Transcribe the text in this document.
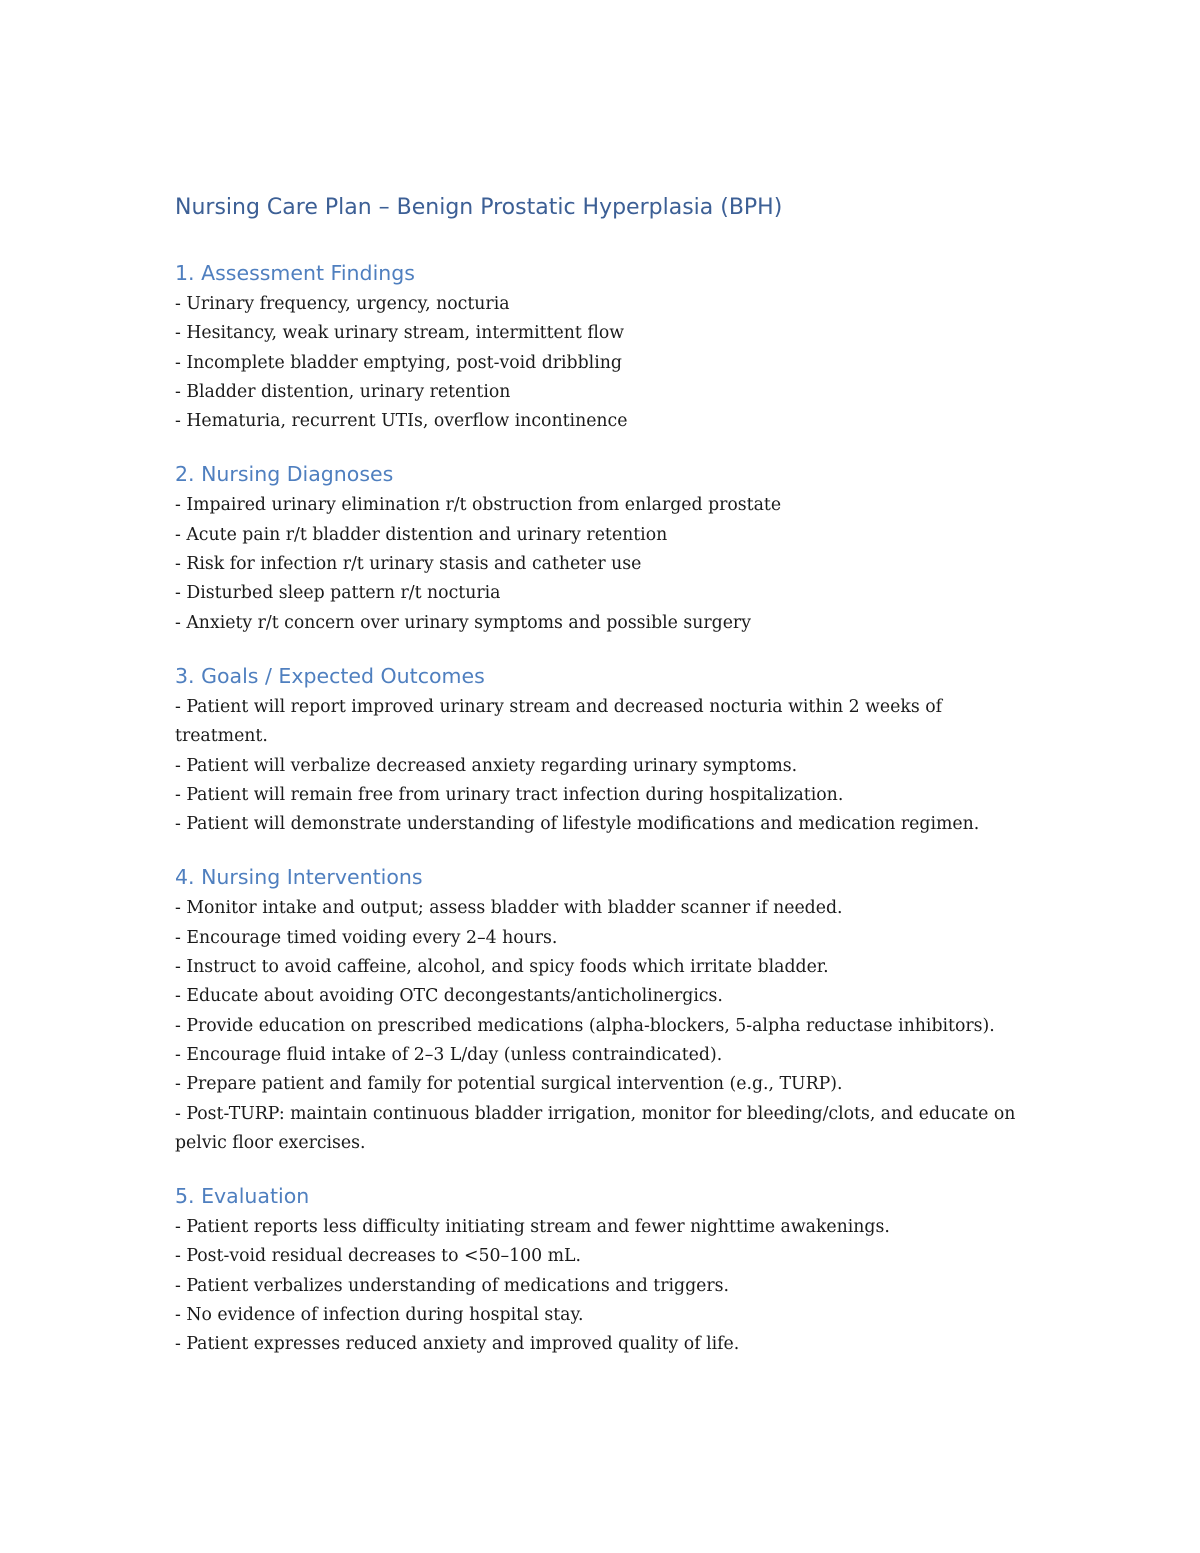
Nursing Care Plan – Benign Prostatic Hyperplasia (BPH)
1. Assessment Findings
- Urinary frequency, urgency, nocturia
- Hesitancy, weak urinary stream, intermittent flow
- Incomplete bladder emptying, post-void dribbling
- Bladder distention, urinary retention
- Hematuria, recurrent UTIs, overflow incontinence
2. Nursing Diagnoses
- Impaired urinary elimination r/t obstruction from enlarged prostate
- Acute pain r/t bladder distention and urinary retention
- Risk for infection r/t urinary stasis and catheter use
- Disturbed sleep pattern r/t nocturia
- Anxiety r/t concern over urinary symptoms and possible surgery
3. Goals / Expected Outcomes
- Patient will report improved urinary stream and decreased nocturia within 2 weeks of treatment.
- Patient will verbalize decreased anxiety regarding urinary symptoms.
- Patient will remain free from urinary tract infection during hospitalization.
- Patient will demonstrate understanding of lifestyle modifications and medication regimen.
4. Nursing Interventions
- Monitor intake and output; assess bladder with bladder scanner if needed.
- Encourage timed voiding every 2–4 hours.
- Instruct to avoid caffeine, alcohol, and spicy foods which irritate bladder.
- Educate about avoiding OTC decongestants/anticholinergics.
- Provide education on prescribed medications (alpha-blockers, 5-alpha reductase inhibitors).
- Encourage fluid intake of 2–3 L/day (unless contraindicated).
- Prepare patient and family for potential surgical intervention (e.g., TURP).
- Post-TURP: maintain continuous bladder irrigation, monitor for bleeding/clots, and educate on pelvic floor exercises.
5. Evaluation
- Patient reports less difficulty initiating stream and fewer nighttime awakenings.
- Post-void residual decreases to <50–100 mL.
- Patient verbalizes understanding of medications and triggers.
- No evidence of infection during hospital stay.
- Patient expresses reduced anxiety and improved quality of life.
